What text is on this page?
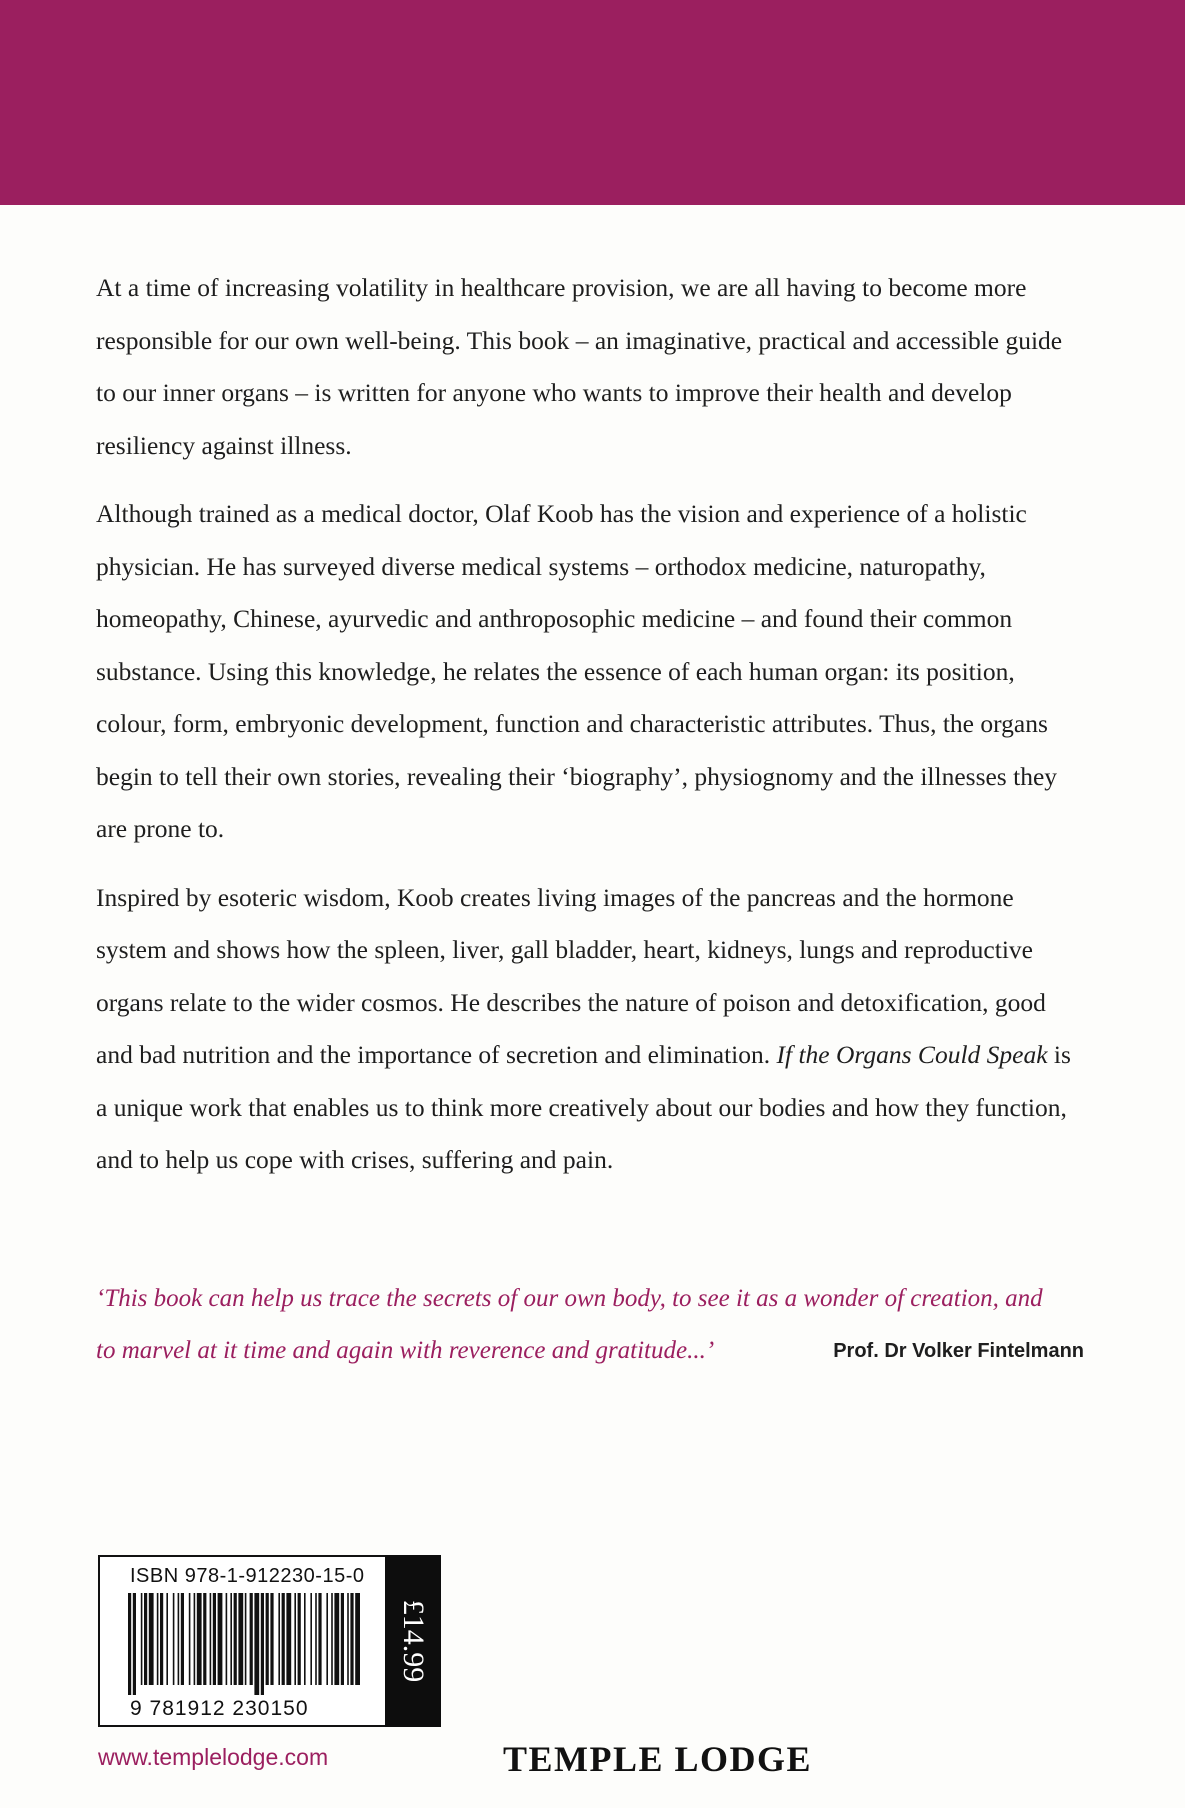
At a time of increasing volatility in healthcare provision, we are all having to become more responsible for our own well-being. This book – an imaginative, practical and accessible guide to our inner organs – is written for anyone who wants to improve their health and develop resiliency against illness.

Although trained as a medical doctor, Olaf Koob has the vision and experience of a holistic physician. He has surveyed diverse medical systems – orthodox medicine, naturopathy, homeopathy, Chinese, ayurvedic and anthroposophic medicine – and found their common substance. Using this knowledge, he relates the essence of each human organ: its position, colour, form, embryonic development, function and characteristic attributes. Thus, the organs begin to tell their own stories, revealing their ‘biography’, physiognomy and the illnesses they are prone to.

Inspired by esoteric wisdom, Koob creates living images of the pancreas and the hormone system and shows how the spleen, liver, gall bladder, heart, kidneys, lungs and reproductive organs relate to the wider cosmos. He describes the nature of poison and detoxification, good and bad nutrition and the importance of secretion and elimination. If the Organs Could Speak is a unique work that enables us to think more creatively about our bodies and how they function, and to help us cope with crises, suffering and pain.

‘This book can help us trace the secrets of our own body, to see it as a wonder of creation, and to marvel at it time and again with reverence and gratitude...’	Prof. Dr Volker Fintelmann
ISBN 978-1-912230-15-0
9 781912 230150
£14.99
www.templelodge.com	TEMPLE LODGE
